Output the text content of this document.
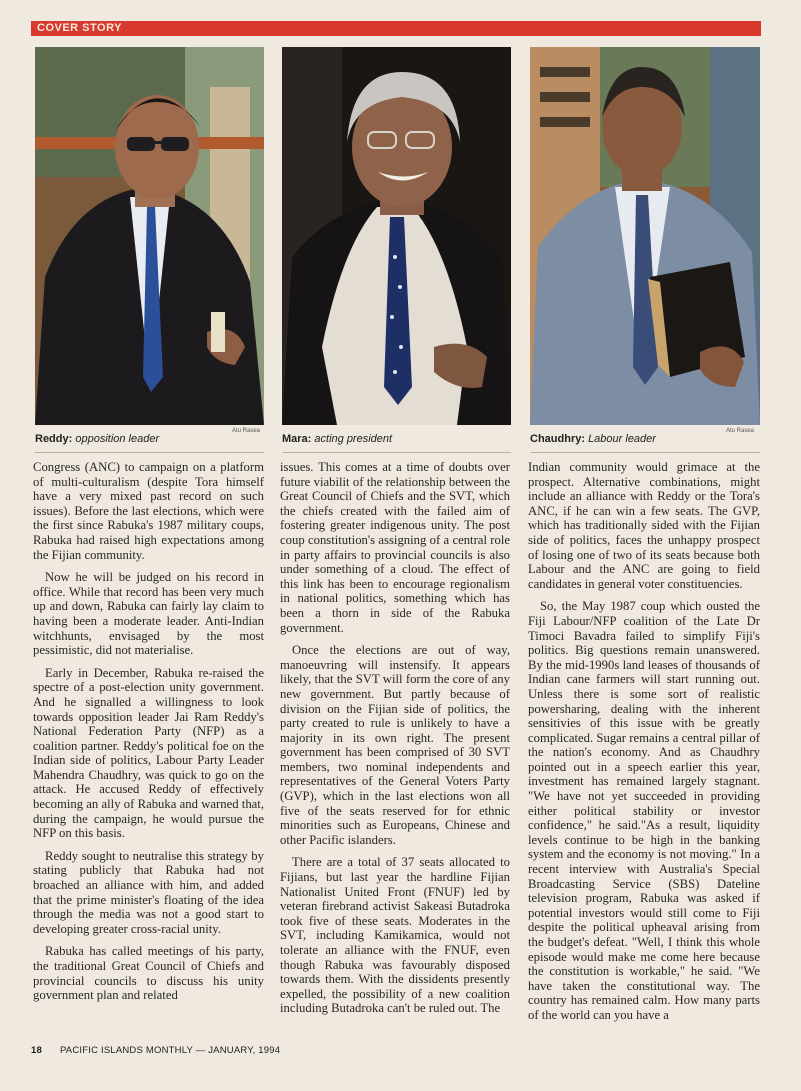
COVER STORY
Atu Rasea
Reddy: opposition leader	Mara: acting president
Atu Rasea
Chaudhry: Labour leader

Congress (ANC) to campaign on a platform of multi-culturalism (despite Tora himself have a very mixed past record on such issues). Before the last elections, which were the first since Rabuka's 1987 military coups, Rabuka had raised high expectations among the Fijian community.

Now he will be judged on his record in office. While that record has been very much up and down, Rabuka can fairly lay claim to having been a moderate leader. Anti-Indian witchhunts, envisaged by the most pessimistic, did not materialise.

Early in December, Rabuka re-raised the spectre of a post-election unity government. And he signalled a willingness to look towards opposition leader Jai Ram Reddy's National Federation Party (NFP) as a coalition partner. Reddy's political foe on the Indian side of politics, Labour Party Leader Mahendra Chaudhry, was quick to go on the attack. He accused Reddy of effectively becoming an ally of Rabuka and warned that, during the campaign, he would pursue the NFP on this basis.

Reddy sought to neutralise this strategy by stating publicly that Rabuka had not broached an alliance with him, and added that the prime minister's floating of the idea through the media was not a good start to developing greater cross-racial unity.

Rabuka has called meetings of his party, the traditional Great Council of Chiefs and provincial councils to discuss his unity government plan and related

issues. This comes at a time of doubts over future viabilit of the relationship between the Great Council of Chiefs and the SVT, which the chiefs created with the failed aim of fostering greater indigenous unity. The post coup constitution's assigning of a central role in party affairs to provincial councils is also under something of a cloud. The effect of this link has been to encourage regionalism in national politics, something which has been a thorn in side of the Rabuka government.

Once the elections are out of way, manoeuvring will instensify. It appears likely, that the SVT will form the core of any new government. But partly because of division on the Fijian side of politics, the party created to rule is unlikely to have a majority in its own right. The present government has been comprised of 30 SVT members, two nominal independents and representatives of the General Voters Party (GVP), which in the last elections won all five of the seats reserved for for ethnic minorities such as Europeans, Chinese and other Pacific islanders.

There are a total of 37 seats allocated to Fijians, but last year the hardline Fijian Nationalist United Front (FNUF) led by veteran firebrand activist Sakeasi Butadroka took five of these seats. Moderates in the SVT, including Kamikamica, would not tolerate an alliance with the FNUF, even though Rabuka was favourably disposed towards them. With the dissidents presently expelled, the possibility of a new coalition including Butadroka can't be ruled out. The

Indian community would grimace at the prospect. Alternative combinations, might include an alliance with Reddy or the Tora's ANC, if he can win a few seats. The GVP, which has traditionally sided with the Fijian side of politics, faces the unhappy prospect of losing one of two of its seats because both Labour and the ANC are going to field candidates in general voter constituencies.

So, the May 1987 coup which ousted the Fiji Labour/NFP coalition of the Late Dr Timoci Bavadra failed to simplify Fiji's politics. Big questions remain unanswered. By the mid-1990s land leases of thousands of Indian cane farmers will start running out. Unless there is some sort of realistic powersharing, dealing with the inherent sensitivies of this issue with be greatly complicated. Sugar remains a central pillar of the nation's economy. And as Chaudhry pointed out in a speech earlier this year, investment has remained largely stagnant. "We have not yet succeeded in providing either political stability or investor confidence," he said."As a result, liquidity levels continue to be high in the banking system and the economy is not moving." In a recent interview with Australia's Special Broadcasting Service (SBS) Dateline television program, Rabuka was asked if potential investors would still come to Fiji despite the political upheaval arising from the budget's defeat. "Well, I think this whole episode would make me come here because the constitution is workable," he said. "We have taken the constitutional way. The country has remained calm. How many parts of the world can you have a

18 PACIFIC ISLANDS MONTHLY — JANUARY, 1994
